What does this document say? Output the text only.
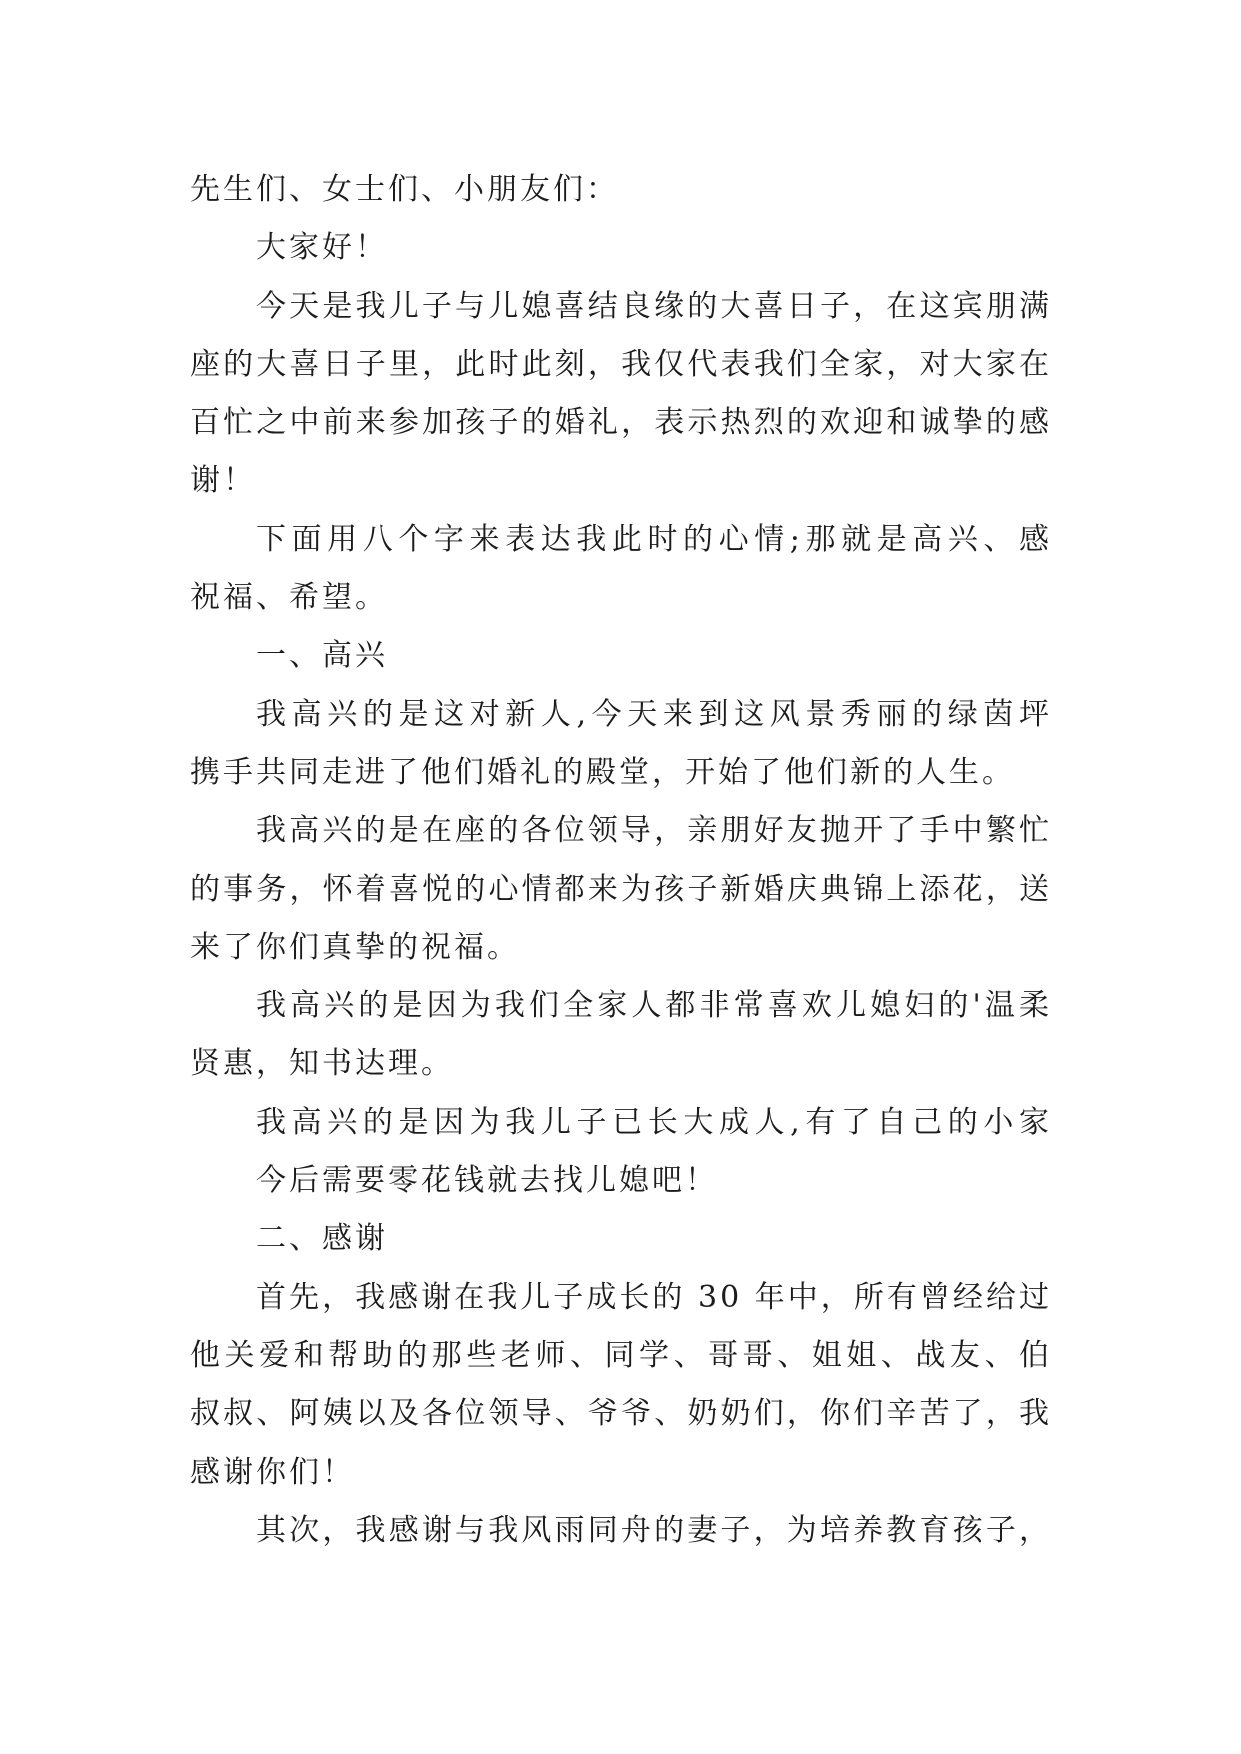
先生们、女士们、小朋友们：
大家好！
今天是我儿子与儿媳喜结良缘的大喜日子，在这宾朋满
座的大喜日子里，此时此刻，我仅代表我们全家，对大家在
百忙之中前来参加孩子的婚礼，表示热烈的欢迎和诚挚的感
谢！
下面用八个字来表达我此时的心情;那就是高兴、感
祝福、希望。
一、高兴
我高兴的是这对新人,今天来到这风景秀丽的绿茵坪
携手共同走进了他们婚礼的殿堂，开始了他们新的人生。
我高兴的是在座的各位领导，亲朋好友抛开了手中繁忙
的事务，怀着喜悦的心情都来为孩子新婚庆典锦上添花，送
来了你们真挚的祝福。
我高兴的是因为我们全家人都非常喜欢儿媳妇的'温柔
贤惠，知书达理。
我高兴的是因为我儿子已长大成人,有了自己的小家
今后需要零花钱就去找儿媳吧！
二、感谢
首先，我感谢在我儿子成长的 30 年中，所有曾经给过
他关爱和帮助的那些老师、同学、哥哥、姐姐、战友、伯
叔叔、阿姨以及各位领导、爷爷、奶奶们，你们辛苦了，我
感谢你们！
其次，我感谢与我风雨同舟的妻子，为培养教育孩子，
